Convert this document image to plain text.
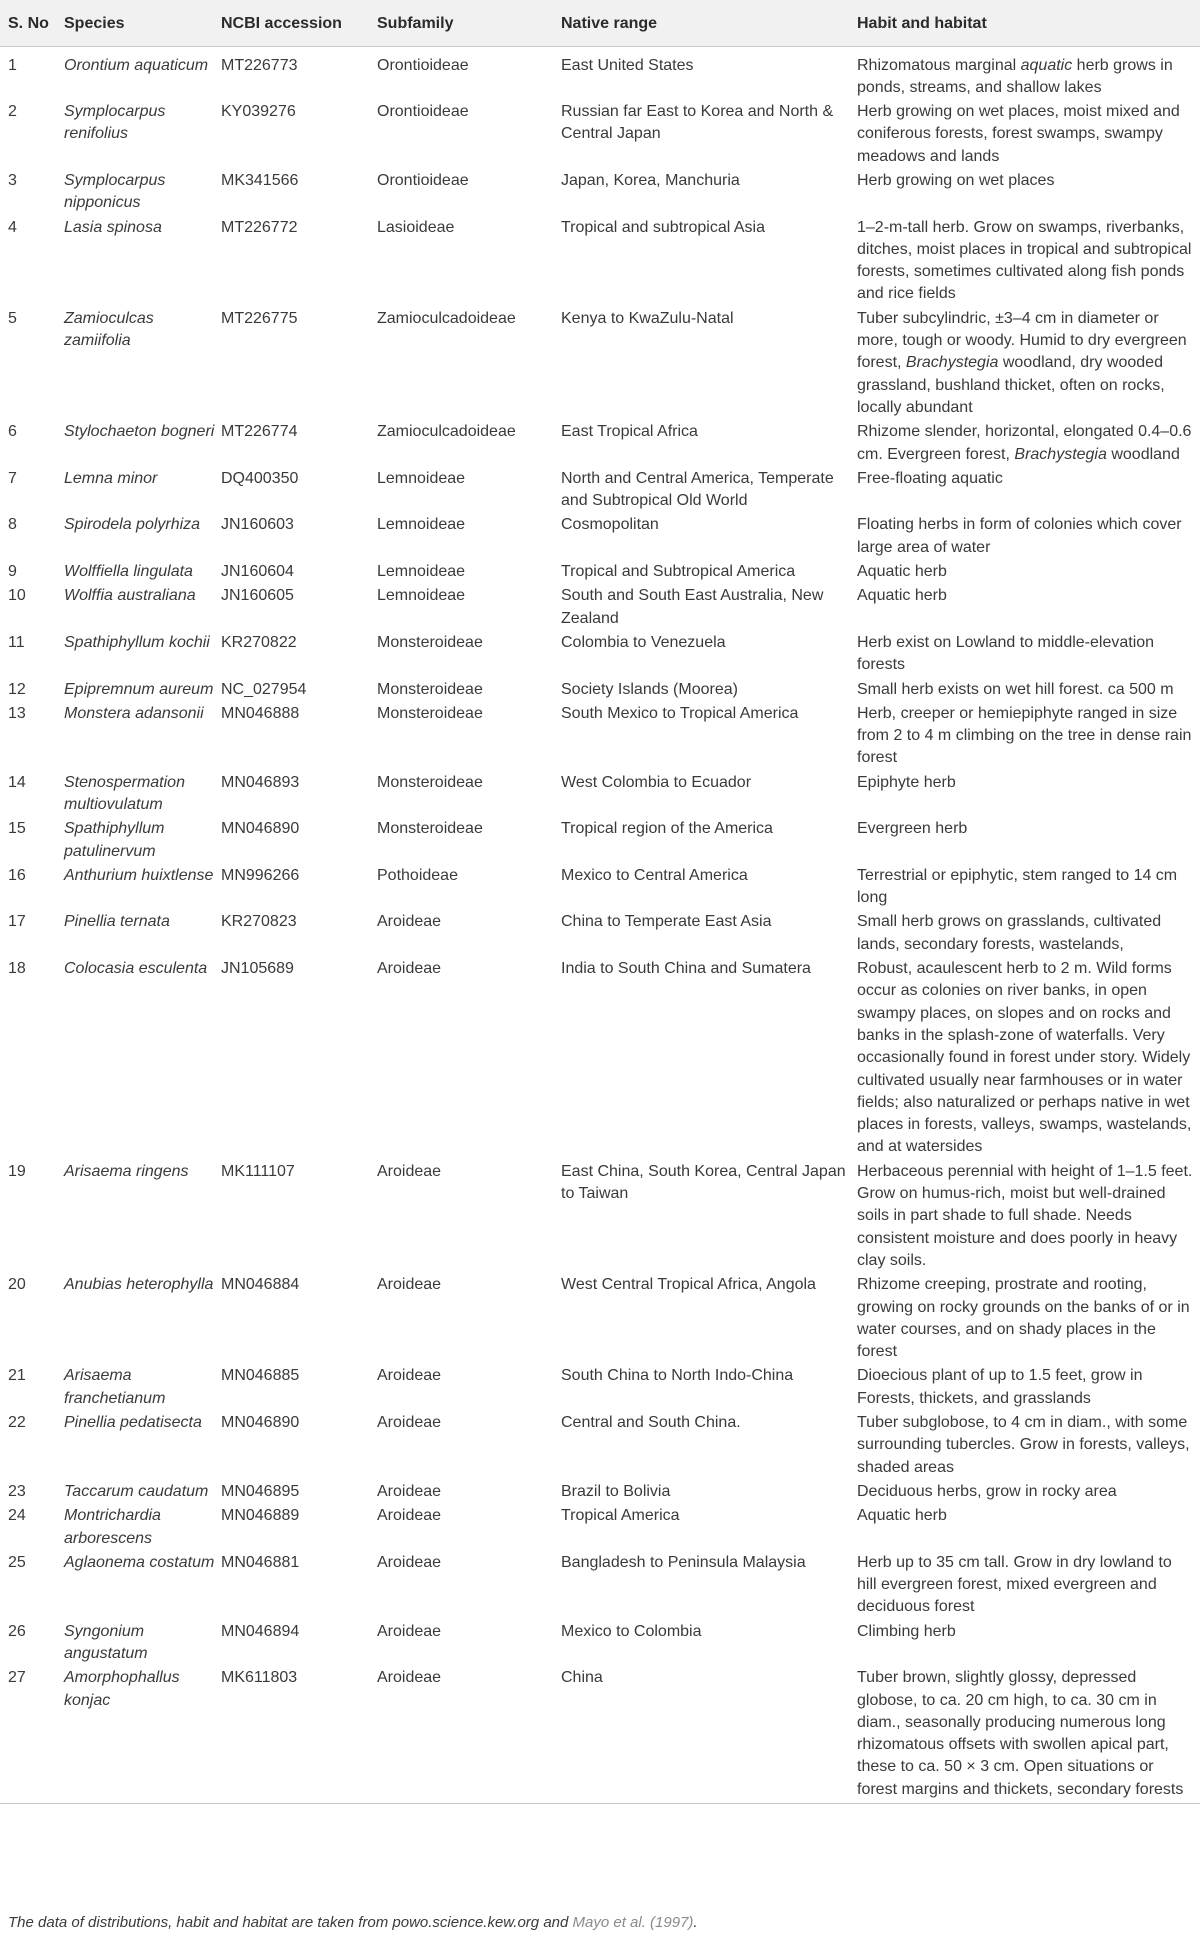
S. No	Species	NCBI accession	Subfamily	Native range	Habit and habitat
1	Orontium aquaticum	MT226773	Orontioideae	East United States	Rhizomatous marginal aquatic herb grows in ponds, streams, and shallow lakes
2	Symplocarpus renifolius	KY039276	Orontioideae	Russian far East to Korea and North & Central Japan	Herb growing on wet places, moist mixed and coniferous forests, forest swamps, swampy meadows and lands
3	Symplocarpus nipponicus	MK341566	Orontioideae	Japan, Korea, Manchuria	Herb growing on wet places
4	Lasia spinosa	MT226772	Lasioideae	Tropical and subtropical Asia	1–2-m-tall herb. Grow on swamps, riverbanks, ditches, moist places in tropical and subtropical forests, sometimes cultivated along fish ponds and rice fields
5	Zamioculcas zamiifolia	MT226775	Zamioculcadoideae	Kenya to KwaZulu-Natal	Tuber subcylindric, ±3–4 cm in diameter or more, tough or woody. Humid to dry evergreen forest, Brachystegia woodland, dry wooded grassland, bushland thicket, often on rocks, locally abundant
6	Stylochaeton bogneri	MT226774	Zamioculcadoideae	East Tropical Africa	Rhizome slender, horizontal, elongated 0.4–0.6 cm. Evergreen forest, Brachystegia woodland
7	Lemna minor	DQ400350	Lemnoideae	North and Central America, Temperate and Subtropical Old World	Free-floating aquatic
8	Spirodela polyrhiza	JN160603	Lemnoideae	Cosmopolitan	Floating herbs in form of colonies which cover large area of water
9	Wolffiella lingulata	JN160604	Lemnoideae	Tropical and Subtropical America	Aquatic herb
10	Wolffia australiana	JN160605	Lemnoideae	South and South East Australia, New Zealand	Aquatic herb
11	Spathiphyllum kochii	KR270822	Monsteroideae	Colombia to Venezuela	Herb exist on Lowland to middle-elevation forests
12	Epipremnum aureum	NC_027954	Monsteroideae	Society Islands (Moorea)	Small herb exists on wet hill forest. ca 500 m
13	Monstera adansonii	MN046888	Monsteroideae	South Mexico to Tropical America	Herb, creeper or hemiepiphyte ranged in size from 2 to 4 m climbing on the tree in dense rain forest
14	Stenospermation multiovulatum	MN046893	Monsteroideae	West Colombia to Ecuador	Epiphyte herb
15	Spathiphyllum patulinervum	MN046890	Monsteroideae	Tropical region of the America	Evergreen herb
16	Anthurium huixtlense	MN996266	Pothoideae	Mexico to Central America	Terrestrial or epiphytic, stem ranged to 14 cm long
17	Pinellia ternata	KR270823	Aroideae	China to Temperate East Asia	Small herb grows on grasslands, cultivated lands, secondary forests, wastelands,
18	Colocasia esculenta	JN105689	Aroideae	India to South China and Sumatera	Robust, acaulescent herb to 2 m. Wild forms occur as colonies on river banks, in open swampy places, on slopes and on rocks and banks in the splash-zone of waterfalls. Very occasionally found in forest under story. Widely cultivated usually near farmhouses or in water fields; also naturalized or perhaps native in wet places in forests, valleys, swamps, wastelands, and at watersides
19	Arisaema ringens	MK111107	Aroideae	East China, South Korea, Central Japan to Taiwan	Herbaceous perennial with height of 1–1.5 feet. Grow on humus-rich, moist but well-drained soils in part shade to full shade. Needs consistent moisture and does poorly in heavy clay soils.
20	Anubias heterophylla	MN046884	Aroideae	West Central Tropical Africa, Angola	Rhizome creeping, prostrate and rooting, growing on rocky grounds on the banks of or in water courses, and on shady places in the forest
21	Arisaema franchetianum	MN046885	Aroideae	South China to North Indo-China	Dioecious plant of up to 1.5 feet, grow in Forests, thickets, and grasslands
22	Pinellia pedatisecta	MN046890	Aroideae	Central and South China.	Tuber subglobose, to 4 cm in diam., with some surrounding tubercles. Grow in forests, valleys, shaded areas
23	Taccarum caudatum	MN046895	Aroideae	Brazil to Bolivia	Deciduous herbs, grow in rocky area
24	Montrichardia arborescens	MN046889	Aroideae	Tropical America	Aquatic herb
25	Aglaonema costatum	MN046881	Aroideae	Bangladesh to Peninsula Malaysia	Herb up to 35 cm tall. Grow in dry lowland to hill evergreen forest, mixed evergreen and deciduous forest
26	Syngonium angustatum	MN046894	Aroideae	Mexico to Colombia	Climbing herb
27	Amorphophallus konjac	MK611803	Aroideae	China	Tuber brown, slightly glossy, depressed globose, to ca. 20 cm high, to ca. 30 cm in diam., seasonally producing numerous long rhizomatous offsets with swollen apical part, these to ca. 50 × 3 cm. Open situations or forest margins and thickets, secondary forests
The data of distributions, habit and habitat are taken from powo.science.kew.org and Mayo et al. (1997).
